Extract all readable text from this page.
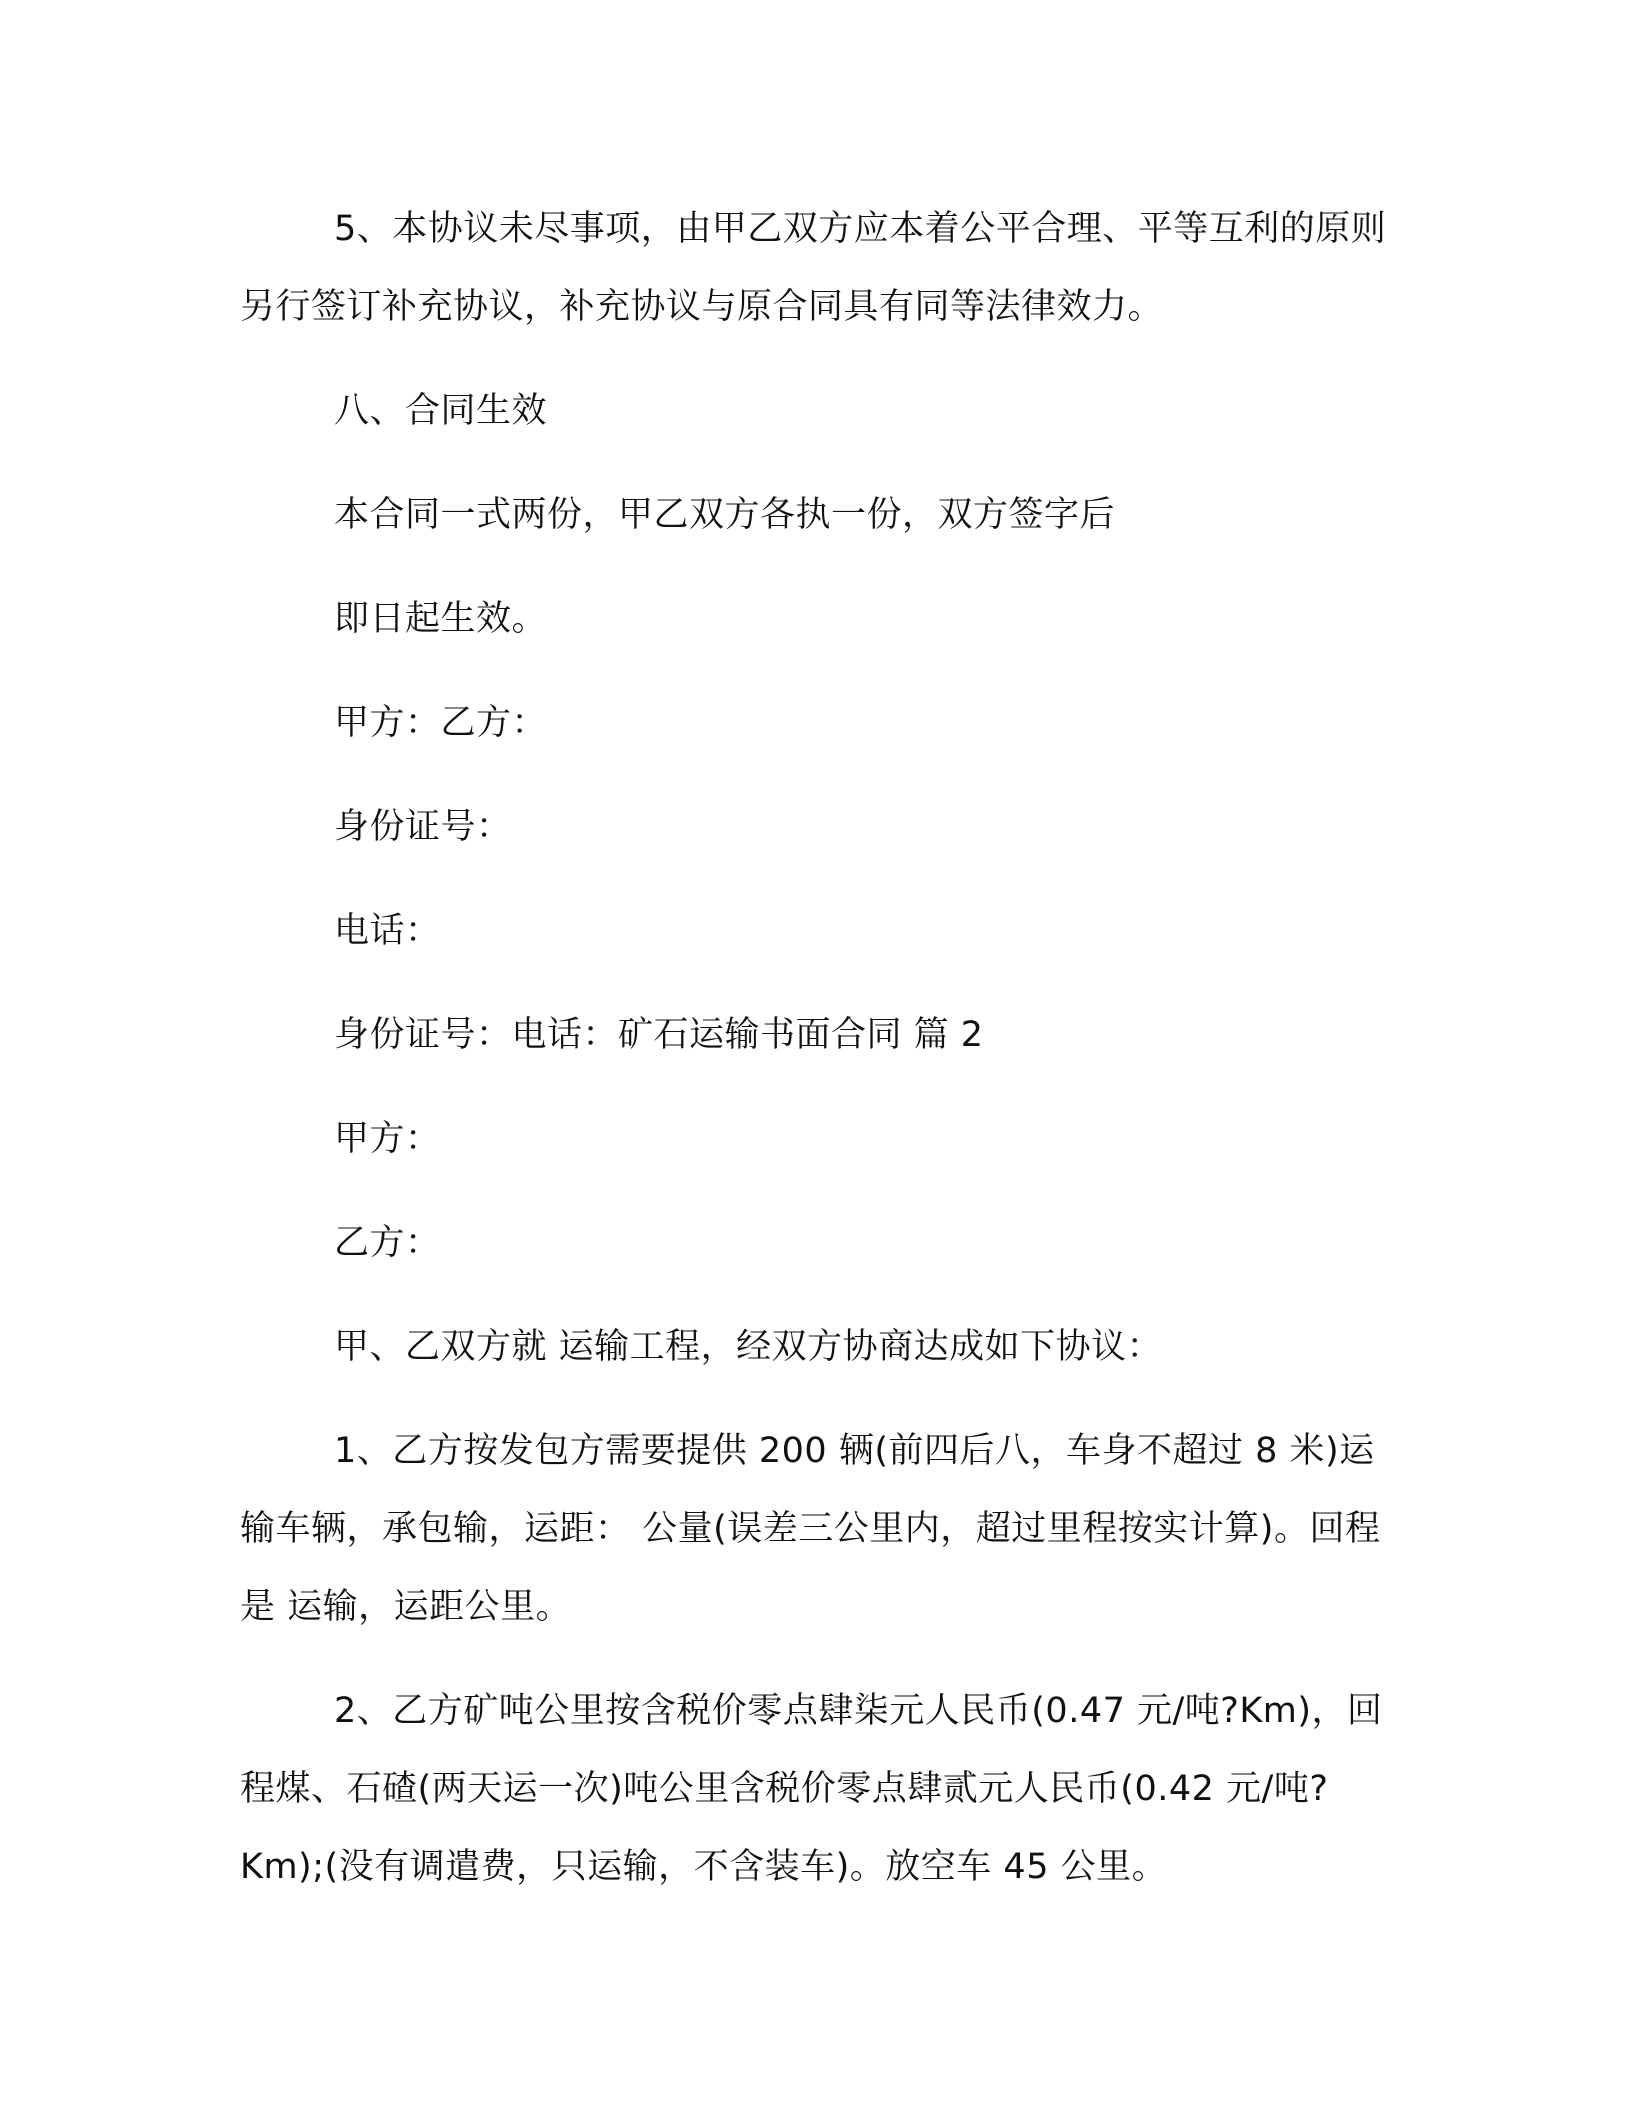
5、本协议未尽事项，由甲乙双方应本着公平合理、平等互利的原则另行签订补充协议，补充协议与原合同具有同等法律效力。

八、合同生效

本合同一式两份，甲乙双方各执一份，双方签字后

即日起生效。

甲方：乙方：

身份证号：

电话：

身份证号：电话：矿石运输书面合同 篇 2

甲方：

乙方：

甲、乙双方就 运输工程，经双方协商达成如下协议：

1、乙方按发包方需要提供 200 辆(前四后八，车身不超过 8 米)运输车辆，承包输，运距： 公量(误差三公里内，超过里程按实计算)。回程是 运输，运距公里。

2、乙方矿吨公里按含税价零点肆柒元人民币(0.47 元/吨?Km)，回程煤、石碴(两天运一次)吨公里含税价零点肆贰元人民币(0.42 元/吨?Km);(没有调遣费，只运输，不含装车)。放空车 45 公里。
